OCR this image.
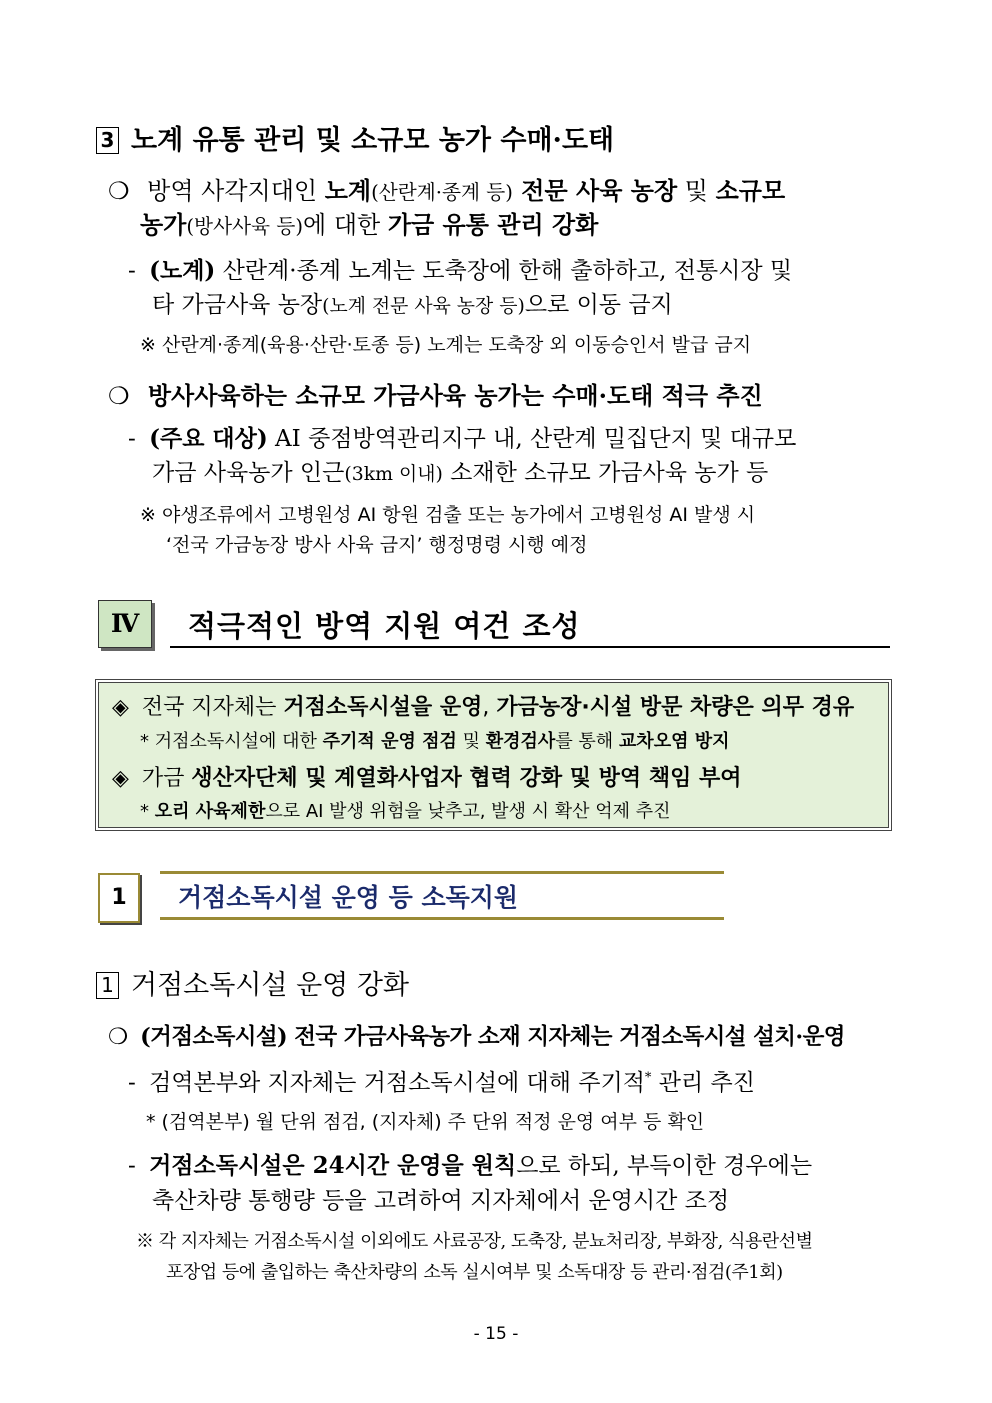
3 노계 유통 관리 및 소규모 농가 수매·도태
❍ 방역 사각지대인 노계(산란계·종계 등) 전문 사육 농장 및 소규모
농가(방사사육 등)에 대한 가금 유통 관리 강화
- (노계) 산란계·종계 노계는 도축장에 한해 출하하고, 전통시장 및
타 가금사육 농장(노계 전문 사육 농장 등)으로 이동 금지
※ 산란계·종계(육용·산란·토종 등) 노계는 도축장 외 이동승인서 발급 금지
❍ 방사사육하는 소규모 가금사육 농가는 수매·도태 적극 추진
- (주요 대상) AI 중점방역관리지구 내, 산란계 밀집단지 및 대규모
가금 사육농가 인근(3km 이내) 소재한 소규모 가금사육 농가 등
※ 야생조류에서 고병원성 AI 항원 검출 또는 농가에서 고병원성 AI 발생 시
‘전국 가금농장 방사 사육 금지’ 행정명령 시행 예정
Ⅳ	적극적인 방역 지원 여건 조성
◈ 전국 지자체는 거점소독시설을 운영, 가금농장·시설 방문 차량은 의무 경유
* 거점소독시설에 대한 주기적 운영 점검 및 환경검사를 통해 교차오염 방지
◈ 가금 생산자단체 및 계열화사업자 협력 강화 및 방역 책임 부여
* 오리 사육제한으로 AI 발생 위험을 낮추고, 발생 시 확산 억제 추진
1	거점소독시설 운영 등 소독지원
1 거점소독시설 운영 강화
❍ (거점소독시설) 전국 가금사육농가 소재 지자체는 거점소독시설 설치·운영
- 검역본부와 지자체는 거점소독시설에 대해 주기적* 관리 추진
* (검역본부) 월 단위 점검, (지자체) 주 단위 적정 운영 여부 등 확인
- 거점소독시설은 24시간 운영을 원칙으로 하되, 부득이한 경우에는
축산차량 통행량 등을 고려하여 지자체에서 운영시간 조정
※ 각 지자체는 거점소독시설 이외에도 사료공장, 도축장, 분뇨처리장, 부화장, 식용란선별
포장업 등에 출입하는 축산차량의 소독 실시여부 및 소독대장 등 관리·점검(주1회)
- 15 -
